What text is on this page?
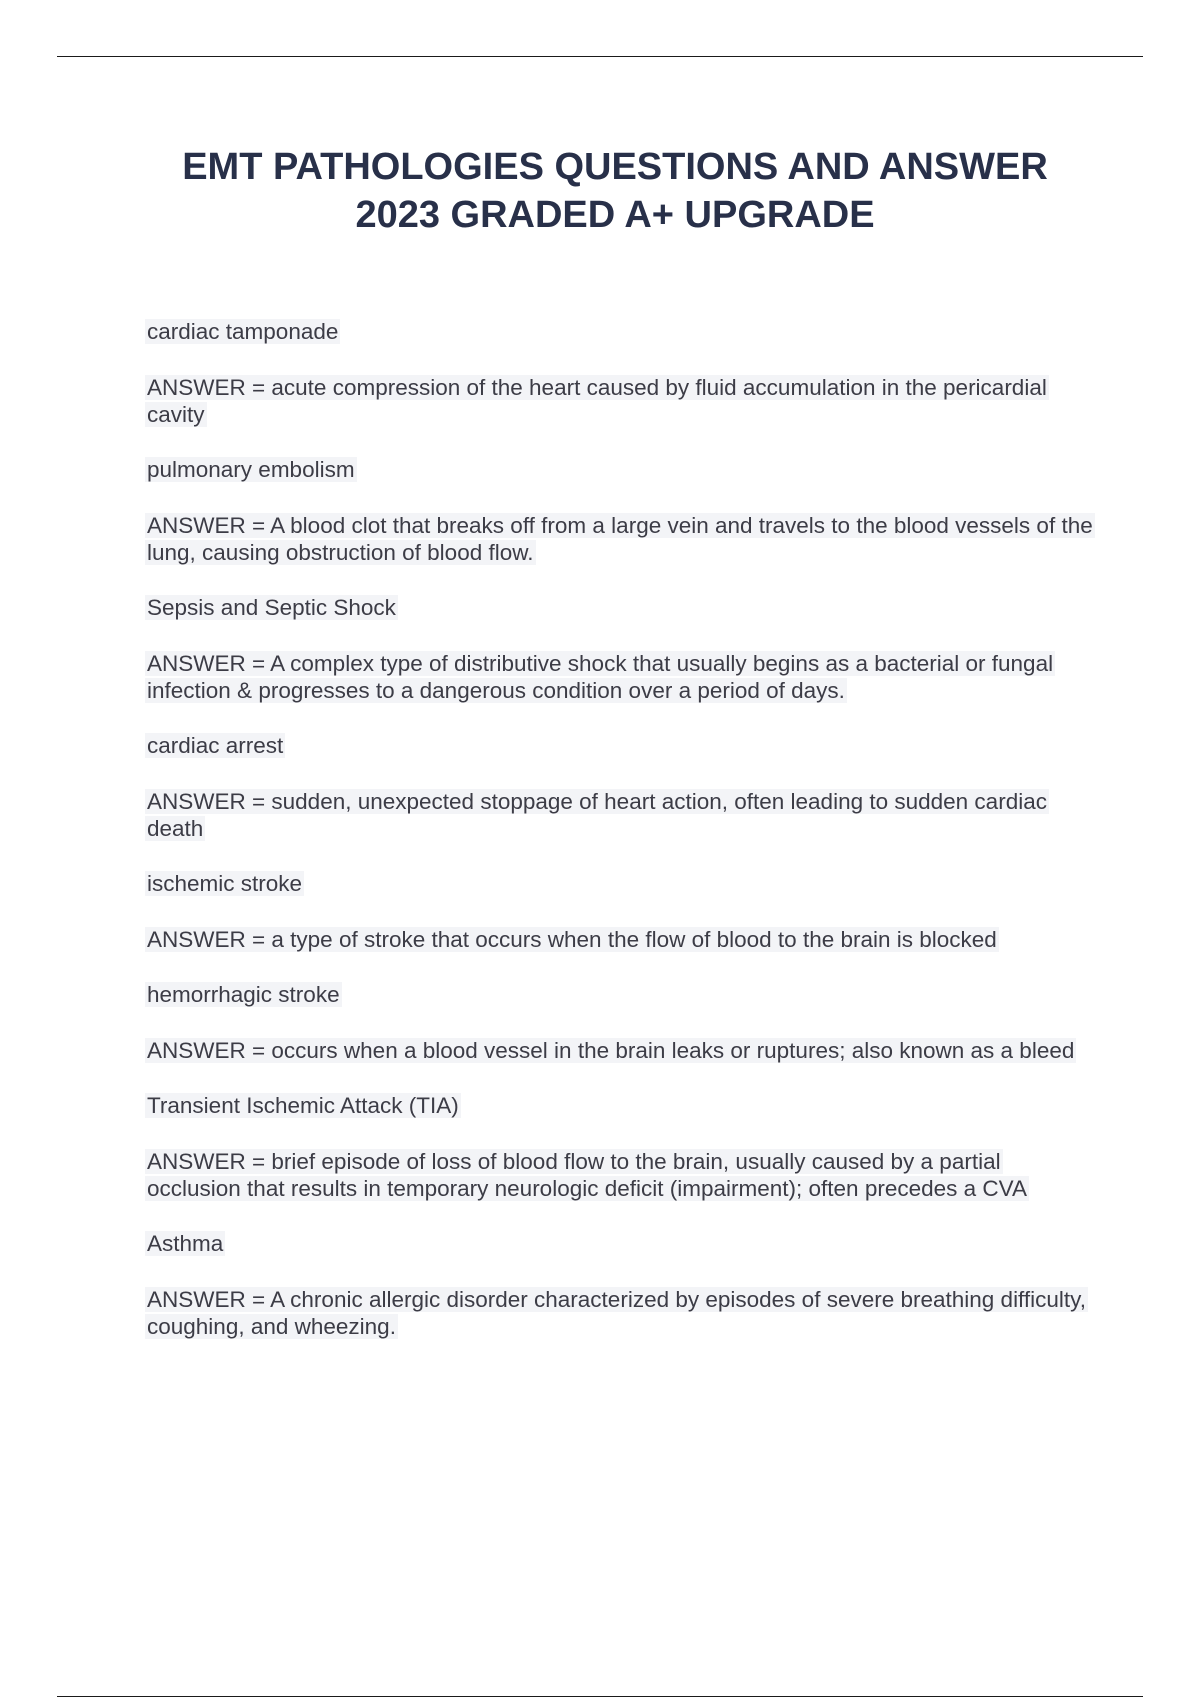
EMT PATHOLOGIES QUESTIONS AND ANSWER
2023 GRADED A+ UPGRADE

cardiac tamponade

ANSWER = acute compression of the heart caused by fluid accumulation in the pericardial cavity

pulmonary embolism

ANSWER = A blood clot that breaks off from a large vein and travels to the blood vessels of the lung, causing obstruction of blood flow.

Sepsis and Septic Shock

ANSWER = A complex type of distributive shock that usually begins as a bacterial or fungal infection & progresses to a dangerous condition over a period of days.

cardiac arrest

ANSWER = sudden, unexpected stoppage of heart action, often leading to sudden cardiac death

ischemic stroke

ANSWER = a type of stroke that occurs when the flow of blood to the brain is blocked

hemorrhagic stroke

ANSWER = occurs when a blood vessel in the brain leaks or ruptures; also known as a bleed

Transient Ischemic Attack (TIA)

ANSWER = brief episode of loss of blood flow to the brain, usually caused by a partial occlusion that results in temporary neurologic deficit (impairment); often precedes a CVA

Asthma

ANSWER = A chronic allergic disorder characterized by episodes of severe breathing difficulty, coughing, and wheezing.
